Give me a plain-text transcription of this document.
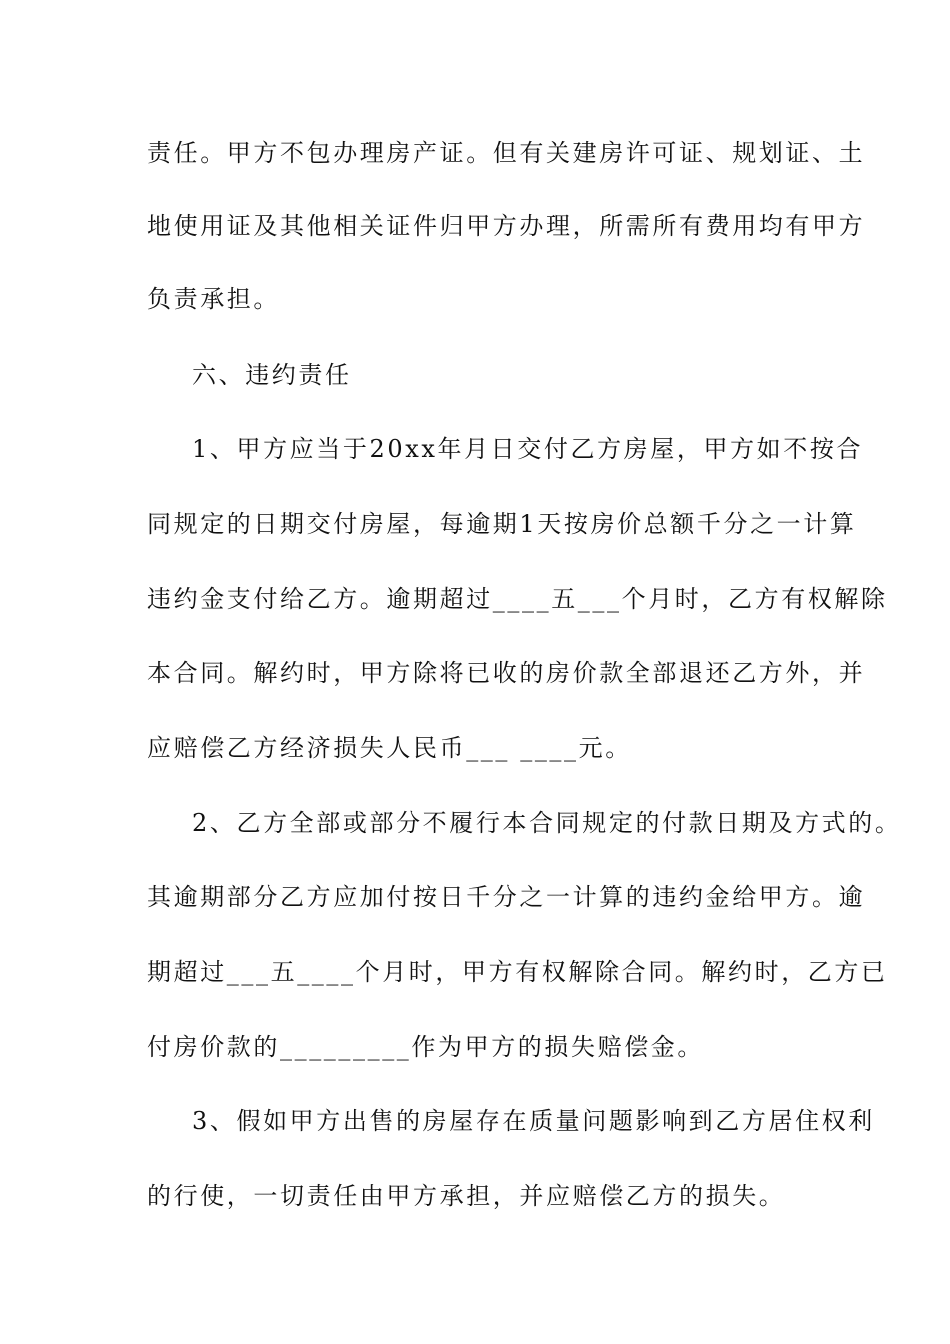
责任。甲方不包办理房产证。但有关建房许可证、规划证、土
地使用证及其他相关证件归甲方办理，所需所有费用均有甲方
负责承担。
六、违约责任
1、甲方应当于20xx年月日交付乙方房屋，甲方如不按合
同规定的日期交付房屋，每逾期1天按房价总额千分之一计算
违约金支付给乙方。逾期超过____五___个月时，乙方有权解除
本合同。解约时，甲方除将已收的房价款全部退还乙方外，并
应赔偿乙方经济损失人民币___ ____元。
2、乙方全部或部分不履行本合同规定的付款日期及方式的。
其逾期部分乙方应加付按日千分之一计算的违约金给甲方。逾
期超过___五____个月时，甲方有权解除合同。解约时，乙方已
付房价款的_________作为甲方的损失赔偿金。
3、假如甲方出售的房屋存在质量问题影响到乙方居住权利
的行使，一切责任由甲方承担，并应赔偿乙方的损失。
